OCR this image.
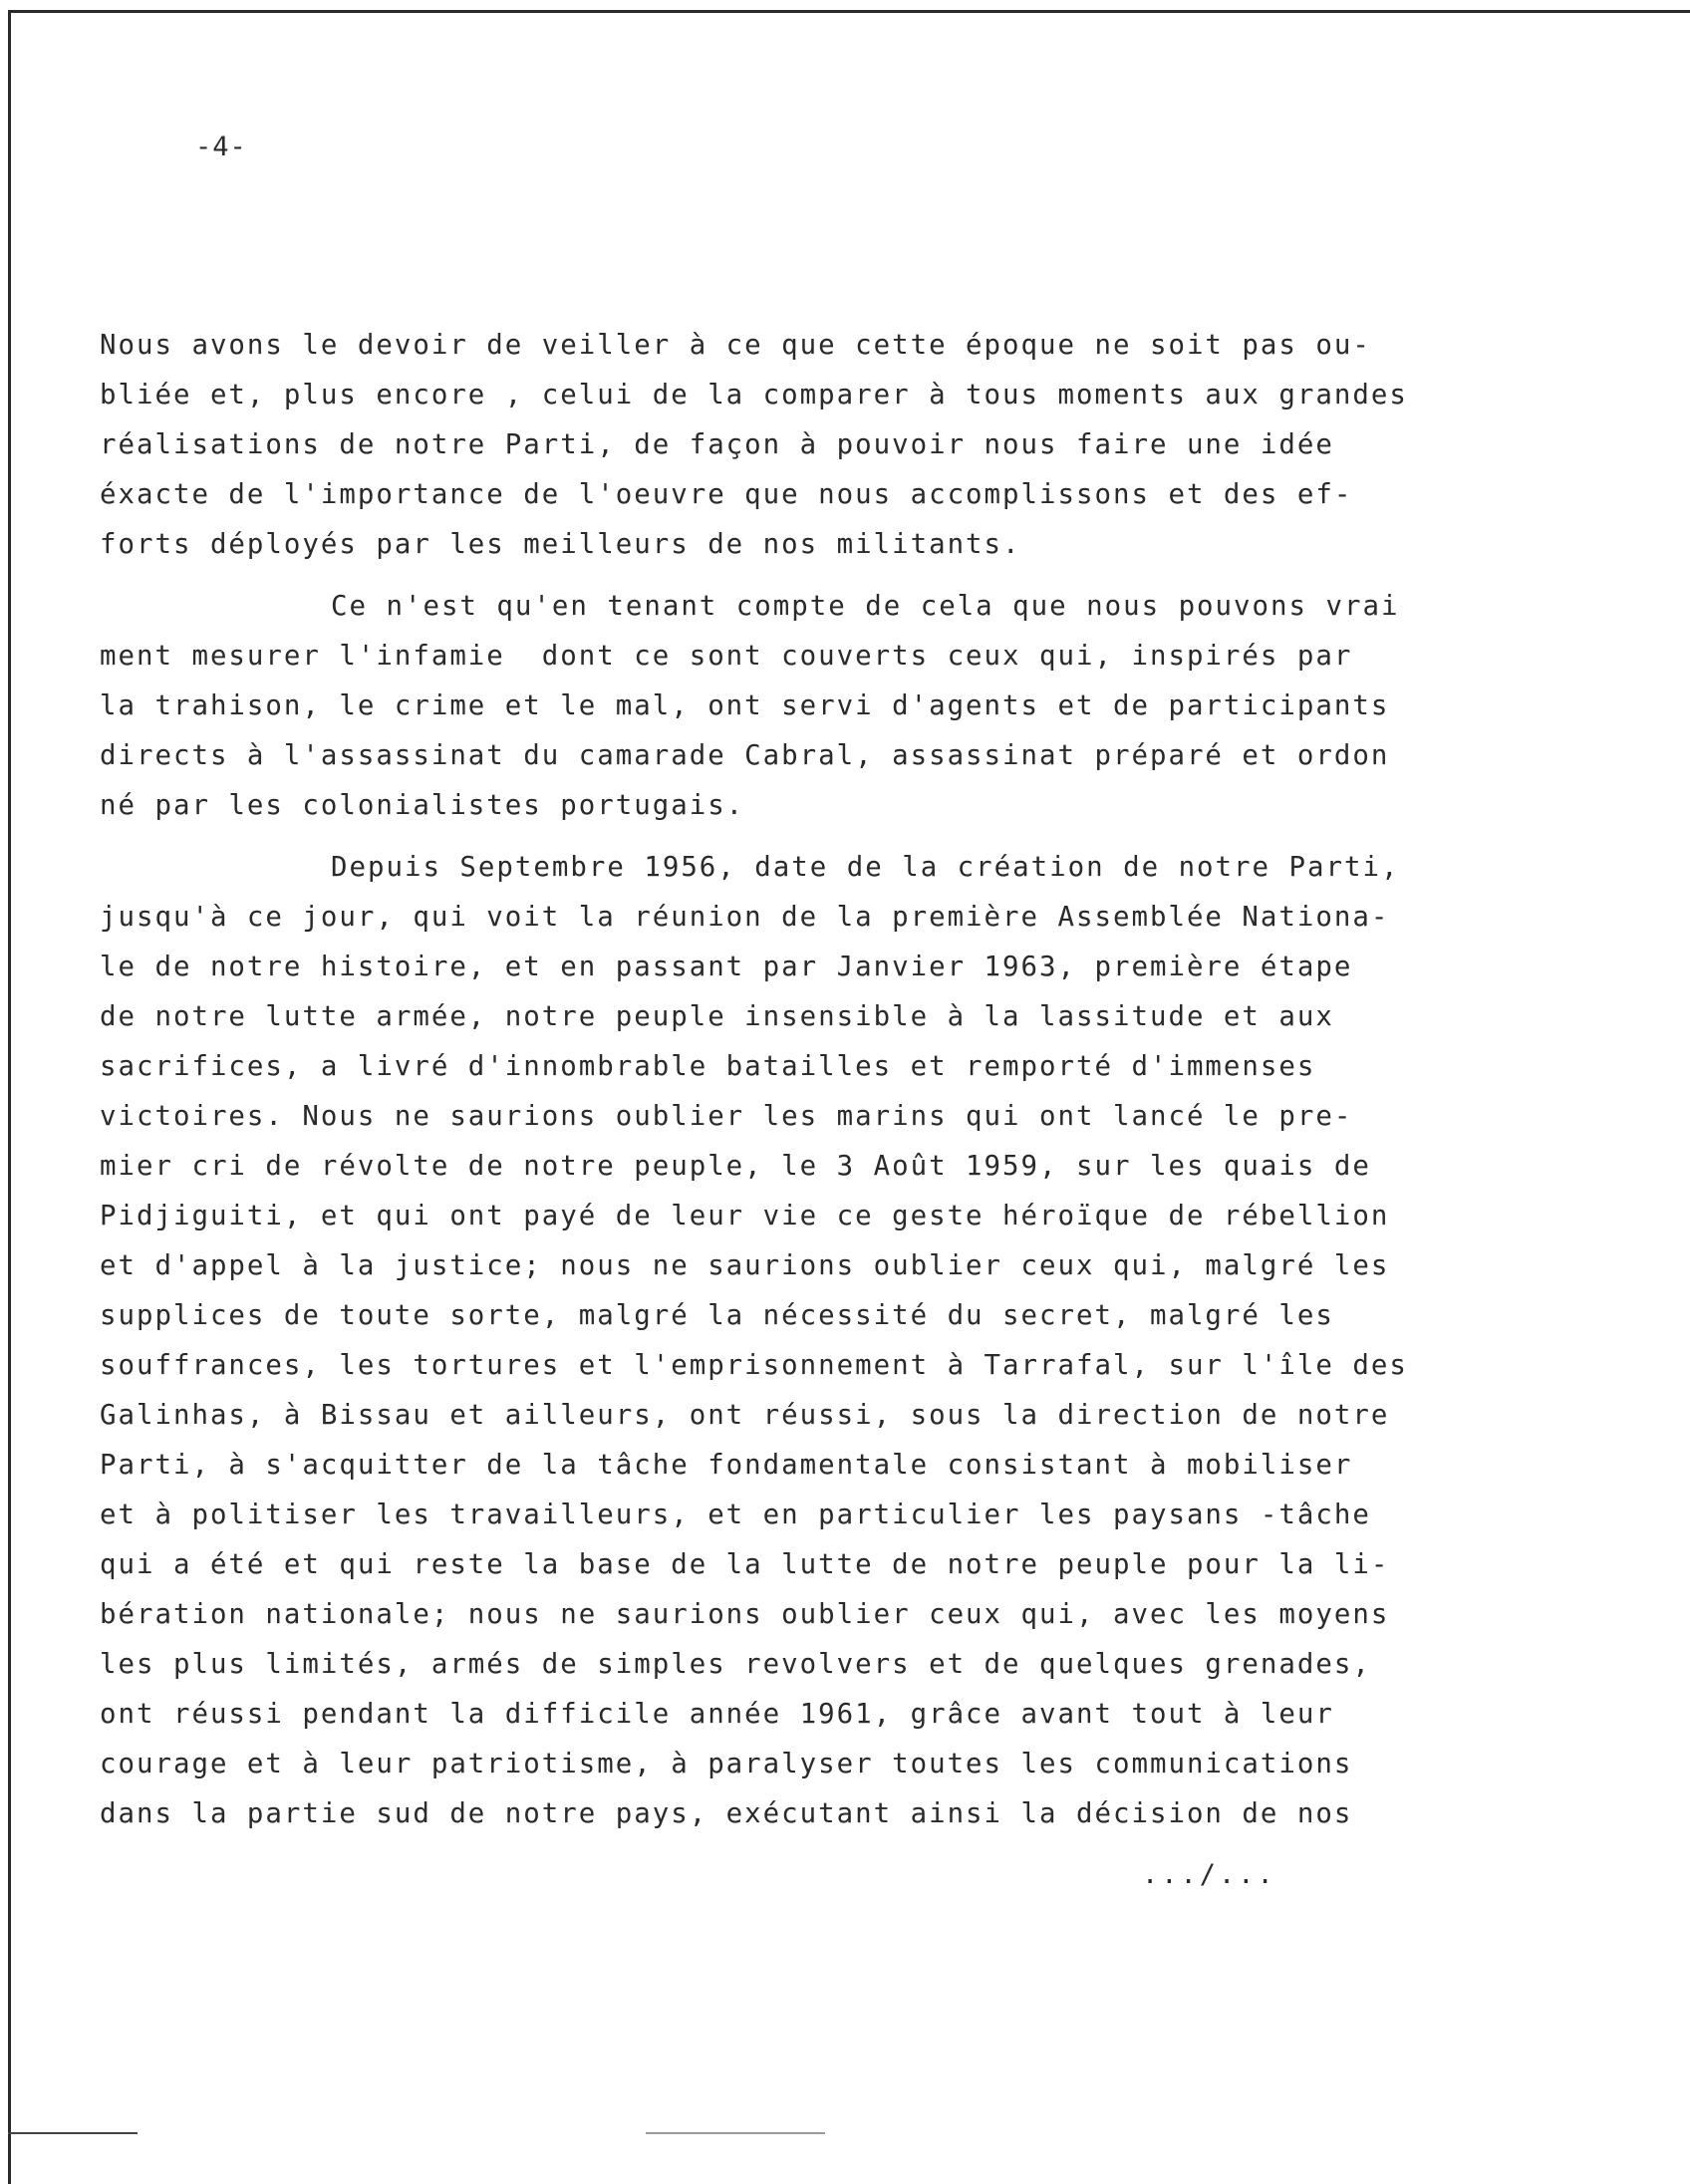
-4-
Nous avons le devoir de veiller à ce que cette époque ne soit pas ou-
bliée et, plus encore , celui de la comparer à tous moments aux grandes
réalisations de notre Parti, de façon à pouvoir nous faire une idée
éxacte de l'importance de l'oeuvre que nous accomplissons et des ef-
forts déployés par les meilleurs de nos militants.
Ce n'est qu'en tenant compte de cela que nous pouvons vrai
ment mesurer l'infamie  dont ce sont couverts ceux qui, inspirés par
la trahison, le crime et le mal, ont servi d'agents et de participants
directs à l'assassinat du camarade Cabral, assassinat préparé et ordon
né par les colonialistes portugais.
Depuis Septembre 1956, date de la création de notre Parti,
jusqu'à ce jour, qui voit la réunion de la première Assemblée Nationa-
le de notre histoire, et en passant par Janvier 1963, première étape
de notre lutte armée, notre peuple insensible à la lassitude et aux
sacrifices, a livré d'innombrable batailles et remporté d'immenses
victoires. Nous ne saurions oublier les marins qui ont lancé le pre-
mier cri de révolte de notre peuple, le 3 Août 1959, sur les quais de
Pidjiguiti, et qui ont payé de leur vie ce geste héroïque de rébellion
et d'appel à la justice; nous ne saurions oublier ceux qui, malgré les
supplices de toute sorte, malgré la nécessité du secret, malgré les
souffrances, les tortures et l'emprisonnement à Tarrafal, sur l'île des
Galinhas, à Bissau et ailleurs, ont réussi, sous la direction de notre
Parti, à s'acquitter de la tâche fondamentale consistant à mobiliser
et à politiser les travailleurs, et en particulier les paysans -tâche
qui a été et qui reste la base de la lutte de notre peuple pour la li-
bération nationale; nous ne saurions oublier ceux qui, avec les moyens
les plus limités, armés de simples revolvers et de quelques grenades,
ont réussi pendant la difficile année 1961, grâce avant tout à leur
courage et à leur patriotisme, à paralyser toutes les communications
dans la partie sud de notre pays, exécutant ainsi la décision de nos
.../...
